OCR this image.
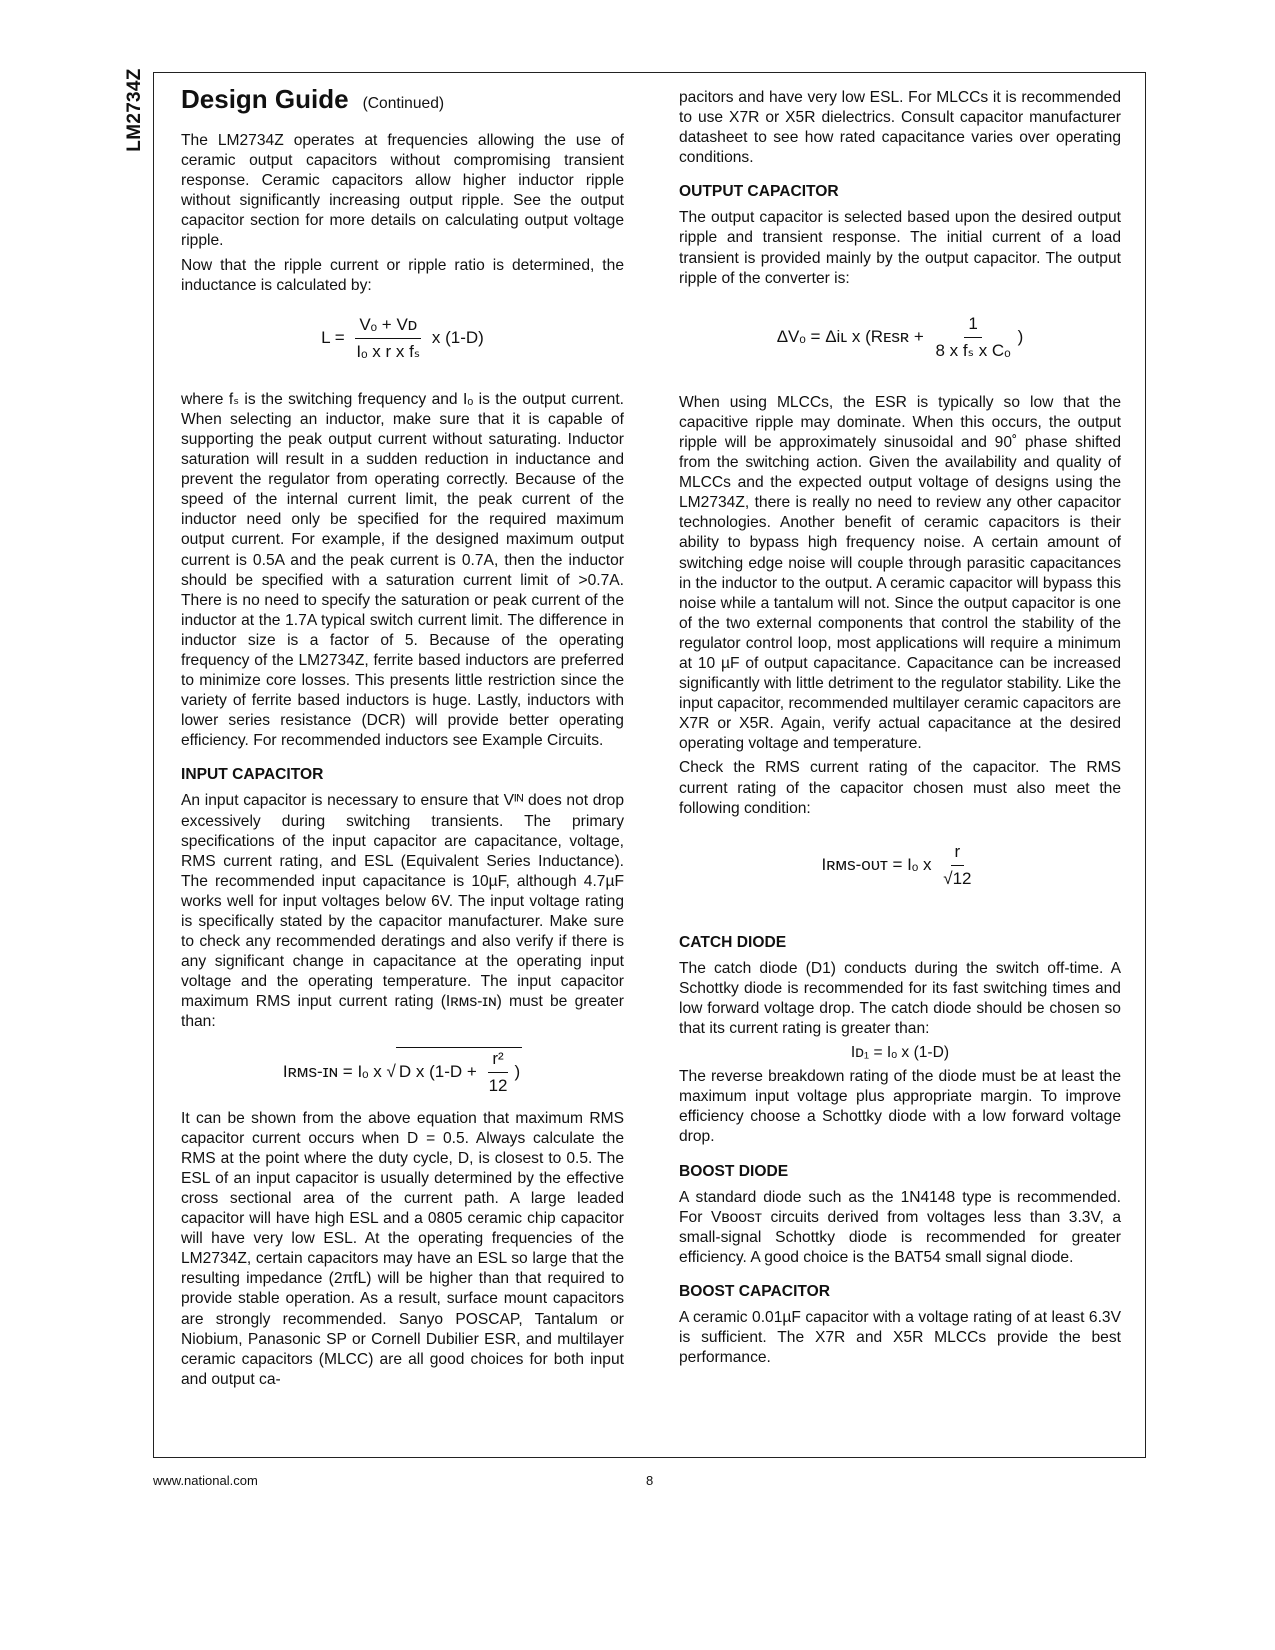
LM2734Z Design Guide (Continued)

The LM2734Z operates at frequencies allowing the use of ceramic output capacitors without compromising transient response. Ceramic capacitors allow higher inductor ripple without significantly increasing output ripple. See the output capacitor section for more details on calculating output voltage ripple.

Now that the ripple current or ripple ratio is determined, the inductance is calculated by:

$L = \frac{\text{Vₒ + Vᴅ}}{\text{Iₒ x r x fₛ}}$ x (1-D)

where fₛ is the switching frequency and Iₒ is the output current. When selecting an inductor, make sure that it is capable of supporting the peak output current without saturating. Inductor saturation will result in a sudden reduction in inductance and prevent the regulator from operating correctly. Because of the speed of the internal current limit, the peak current of the inductor need only be specified for the required maximum output current. For example, if the designed maximum output current is 0.5A and the peak current is 0.7A, then the inductor should be specified with a saturation current limit of >0.7A. There is no need to specify the saturation or peak current of the inductor at the 1.7A typical switch current limit. The difference in inductor size is a factor of 5. Because of the operating frequency of the LM2734Z, ferrite based inductors are preferred to minimize core losses. This presents little restriction since the variety of ferrite based inductors is huge. Lastly, inductors with lower series resistance (DCR) will provide better operating efficiency. For recommended inductors see Example Circuits.

INPUT CAPACITOR

An input capacitor is necessary to ensure that Vᴵᴺ does not drop excessively during switching transients. The primary specifications of the input capacitor are capacitance, voltage, RMS current rating, and ESL (Equivalent Series Inductance). The recommended input capacitance is 10µF, although 4.7µF works well for input voltages below 6V. The input voltage rating is specifically stated by the capacitor manufacturer. Make sure to check any recommended deratings and also verify if there is any significant change in capacitance at the operating input voltage and the operating temperature. The input capacitor maximum RMS input current rating (Iʀᴍs-ɪɴ) must be greater than:

Iʀᴍs-ɪɴ = Iₒ x √ D x ($1-D + \frac{\text{r²}}{12}$ )

It can be shown from the above equation that maximum RMS capacitor current occurs when D = 0.5. Always calculate the RMS at the point where the duty cycle, D, is closest to 0.5. The ESL of an input capacitor is usually determined by the effective cross sectional area of the current path. A large leaded capacitor will have high ESL and a 0805 ceramic chip capacitor will have very low ESL. At the operating frequencies of the LM2734Z, certain capacitors may have an ESL so large that the resulting impedance (2πfL) will be higher than that required to provide stable operation. As a result, surface mount capacitors are strongly recommended. Sanyo POSCAP, Tantalum or Niobium, Panasonic SP or Cornell Dubilier ESR, and multilayer ceramic capacitors (MLCC) are all good choices for both input and output ca-

pacitors and have very low ESL. For MLCCs it is recommended to use X7R or X5R dielectrics. Consult capacitor manufacturer datasheet to see how rated capacitance varies over operating conditions.

OUTPUT CAPACITOR

The output capacitor is selected based upon the desired output ripple and transient response. The initial current of a load transient is provided mainly by the output capacitor. The output ripple of the converter is:

ΔVₒ = Δiʟ x (Rᴇsʀ + $\frac{1}{\text{8 x fₛ x Cₒ}}$ )

When using MLCCs, the ESR is typically so low that the capacitive ripple may dominate. When this occurs, the output ripple will be approximately sinusoidal and 90˚ phase shifted from the switching action. Given the availability and quality of MLCCs and the expected output voltage of designs using the LM2734Z, there is really no need to review any other capacitor technologies. Another benefit of ceramic capacitors is their ability to bypass high frequency noise. A certain amount of switching edge noise will couple through parasitic capacitances in the inductor to the output. A ceramic capacitor will bypass this noise while a tantalum will not. Since the output capacitor is one of the two external components that control the stability of the regulator control loop, most applications will require a minimum at 10 µF of output capacitance. Capacitance can be increased significantly with little detriment to the regulator stability. Like the input capacitor, recommended multilayer ceramic capacitors are X7R or X5R. Again, verify actual capacitance at the desired operating voltage and temperature.

Check the RMS current rating of the capacitor. The RMS current rating of the capacitor chosen must also meet the following condition:

Iʀᴍs-ᴏᴜᴛ = Iₒ x $\frac{r}{√12}$
CATCH DIODE

The catch diode (D1) conducts during the switch off-time. A Schottky diode is recommended for its fast switching times and low forward voltage drop. The catch diode should be chosen so that its current rating is greater than:

Iᴅ₁ = Iₒ x (1-D)

The reverse breakdown rating of the diode must be at least the maximum input voltage plus appropriate margin. To improve efficiency choose a Schottky diode with a low forward voltage drop.

BOOST DIODE

A standard diode such as the 1N4148 type is recommended. For Vʙᴏᴏsᴛ circuits derived from voltages less than 3.3V, a small-signal Schottky diode is recommended for greater efficiency. A good choice is the BAT54 small signal diode.

BOOST CAPACITOR

A ceramic 0.01µF capacitor with a voltage rating of at least 6.3V is sufficient. The X7R and X5R MLCCs provide the best performance.

www.national.com	8
